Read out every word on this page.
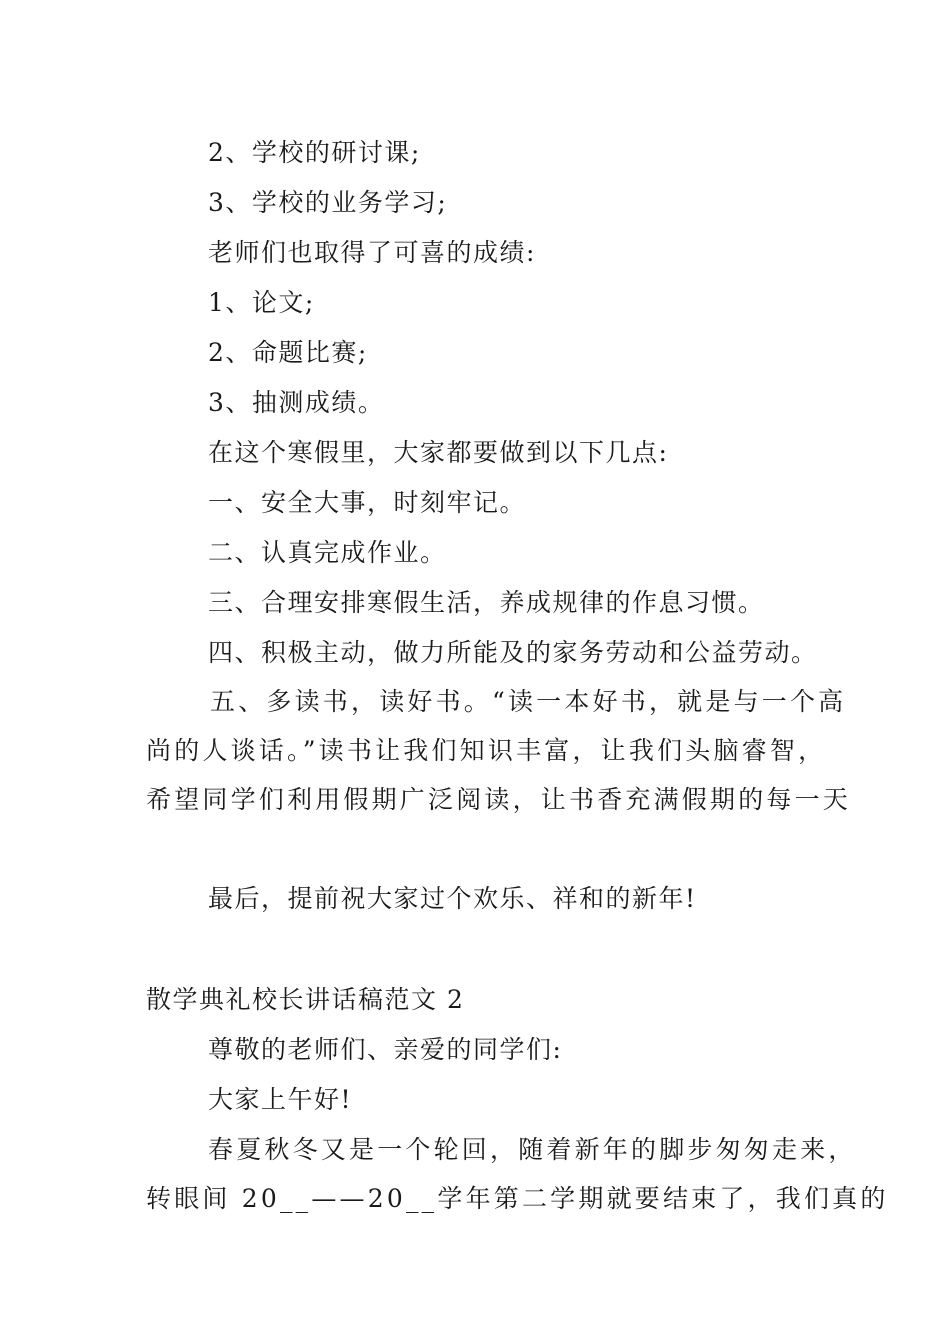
2、学校的研讨课;
3、学校的业务学习;
老师们也取得了可喜的成绩:
1、论文;
2、命题比赛;
3、抽测成绩。
在这个寒假里，大家都要做到以下几点:
一、安全大事，时刻牢记。
二、认真完成作业。
三、合理安排寒假生活，养成规律的作息习惯。
四、积极主动，做力所能及的家务劳动和公益劳动。
五、多读书，读好书。“读一本好书，就是与一个高
尚的人谈话。”读书让我们知识丰富，让我们头脑睿智，
希望同学们利用假期广泛阅读，让书香充满假期的每一天
最后，提前祝大家过个欢乐、祥和的新年!
散学典礼校长讲话稿范文 2
尊敬的老师们、亲爱的同学们:
大家上午好!
春夏秋冬又是一个轮回，随着新年的脚步匆匆走来，
转眼间 20__——20__学年第二学期就要结束了，我们真的
